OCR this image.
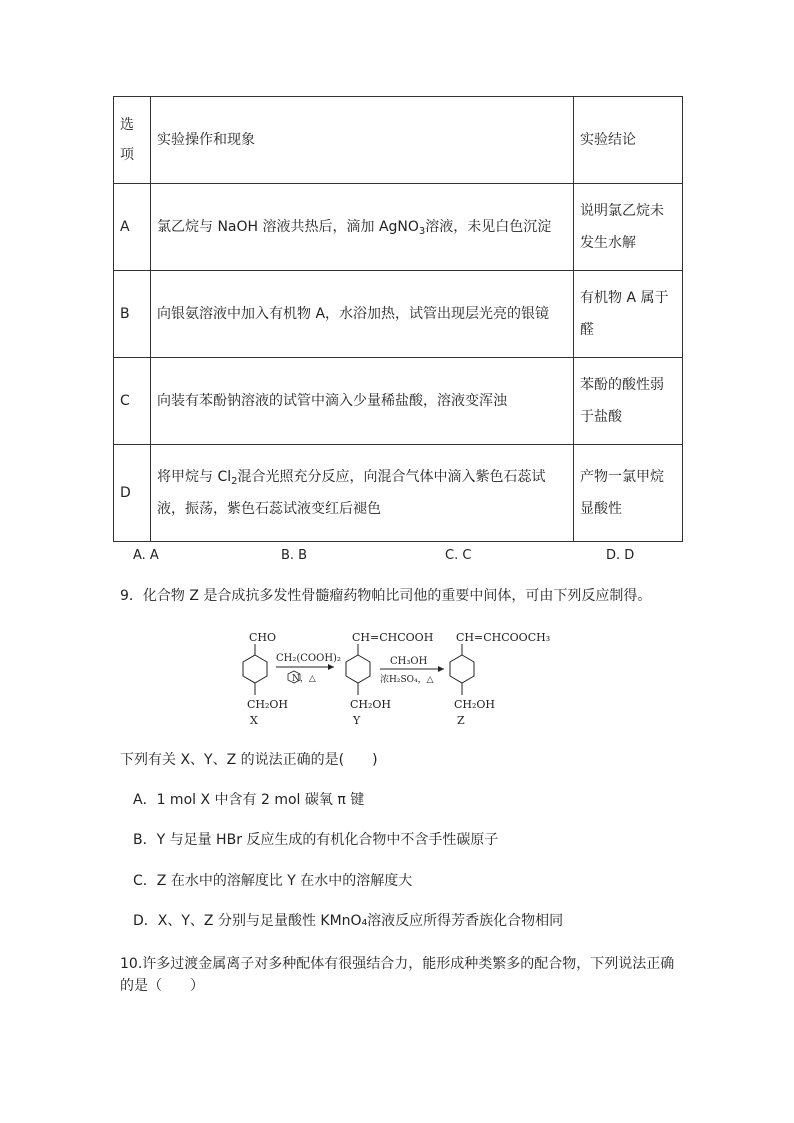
选项	实验操作和现象	实验结论
A	氯乙烷与 NaOH 溶液共热后，滴加 AgNO$_3$溶液，未见白色沉淀	说明氯乙烷未发生水解
B	向银氨溶液中加入有机物 A，水浴加热，试管出现层光亮的银镜	有机物 A 属于醛
C	向装有苯酚钠溶液的试管中滴入少量稀盐酸，溶液变浑浊	苯酚的酸性弱于盐酸
D	将甲烷与 $Cl_2$混合光照充分反应，向混合气体中滴入紫色石蕊试液，振荡，紫色石蕊试液变红后褪色	产物一氯甲烷显酸性
A. A	B. B	C. C	D. D
9．化合物 Z 是合成抗多发性骨髓瘤药物帕比司他的重要中间体，可由下列反应制得。
CHO
CH₂OH
X
CH₂(COOH)₂
N，△
CH=CHCOOH
CH₂OH
Y
CH₃OH
浓H₂SO₄，△
CH=CHCOOCH₃
CH₂OH
Z
下列有关 X、Y、Z 的说法正确的是(　　)
A．1 mol X 中含有 2 mol 碳氧 π 键
B．Y 与足量 HBr 反应生成的有机化合物中不含手性碳原子
C．Z 在水中的溶解度比 Y 在水中的溶解度大
D．X、Y、Z 分别与足量酸性 KMnO₄溶液反应所得芳香族化合物相同
10.许多过渡金属离子对多种配体有很强结合力，能形成种类繁多的配合物，下列说法正确
的是（　　）
